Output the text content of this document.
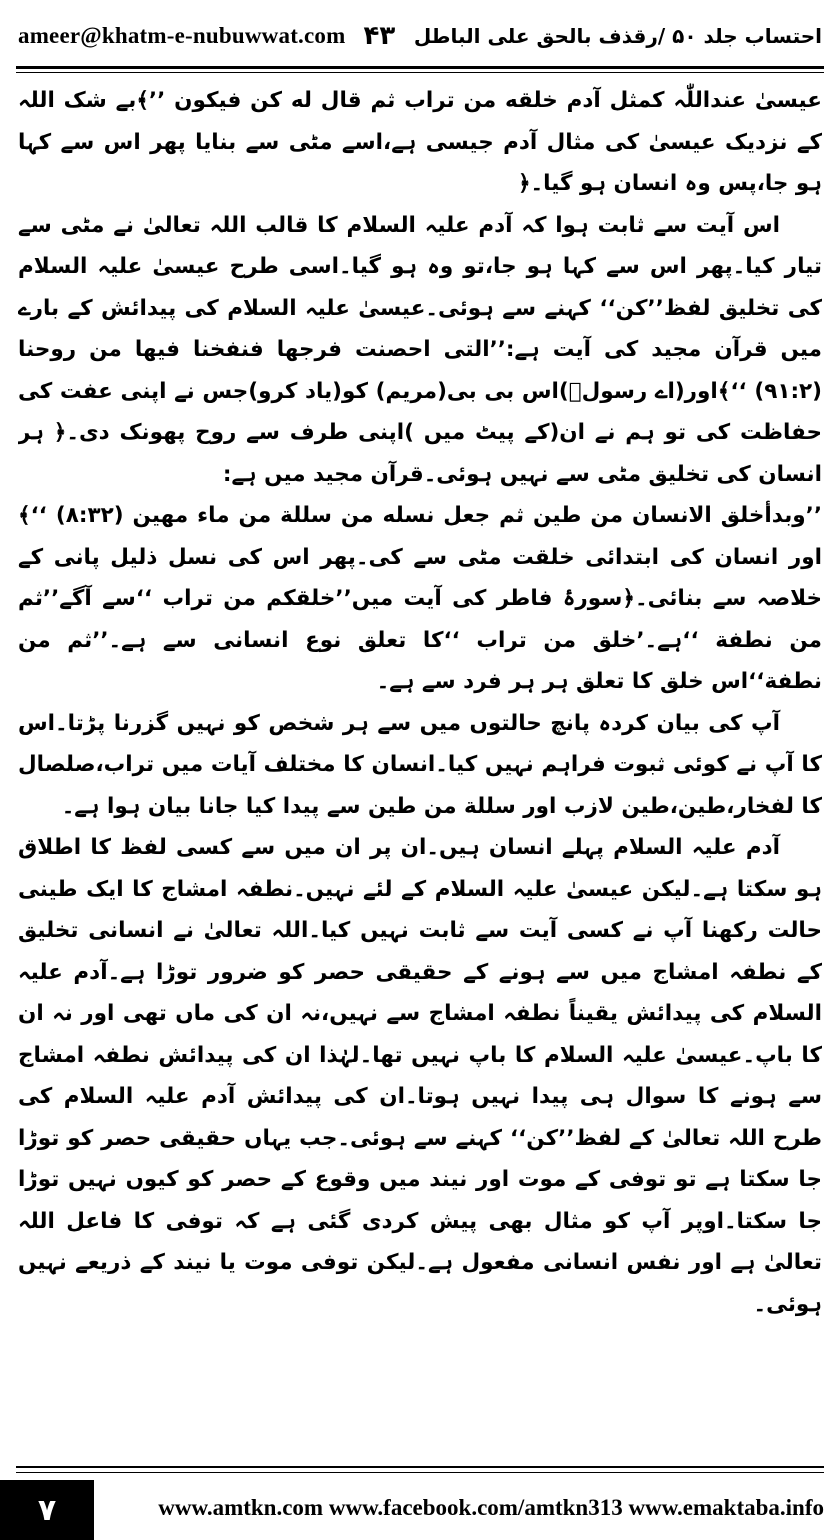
ameer@khatm-e-nubuwwat.com ۴۳ احتساب جلد ۵۰ /رقذف بالحق علی الباطل

عیسیٰ عنداللّٰہ کمثل آدم خلقه من تراب ثم قال له کن فیکون ’’﴾بے شک اللہ کے نزدیک عیسیٰ کی مثال آدم جیسی ہے،اسے مٹی سے بنایا پھر اس سے کہا ہو جا،پس وہ انسان ہو گیا۔﴿

اس آیت سے ثابت ہوا کہ آدم علیہ السلام کا قالب اللہ تعالیٰ نے مٹی سے تیار کیا۔پھر اس سے کہا ہو جا،تو وہ ہو گیا۔اسی طرح عیسیٰ علیہ السلام کی تخلیق لفظ’’کن‘‘ کہنے سے ہوئی۔عیسیٰ علیہ السلام کی پیدائش کے بارے میں قرآن مجید کی آیت ہے:’’التی احصنت فرجھا فنفخنا فیھا من روحنا (۹۱:۲) ‘‘﴾اور(اے رسولؐ)اس بی بی(مریم) کو(یاد کرو)جس نے اپنی عفت کی حفاظت کی تو ہم نے ان(کے پیٹ میں )اپنی طرف سے روح پھونک دی۔﴿ ہر انسان کی تخلیق مٹی سے نہیں ہوئی۔قرآن مجید میں ہے:

’’وبدأخلق الانسان من طین ثم جعل نسله من سللة من ماء مھین (۸:۳۲) ‘‘﴾اور انسان کی ابتدائی خلقت مٹی سے کی۔پھر اس کی نسل ذلیل پانی کے خلاصہ سے بنائی۔﴿سورۂ فاطر کی آیت میں’’خلقکم من تراب ‘‘سے آگے’’ثم من نطفة ‘‘ہے۔’خلق من تراب ‘‘کا تعلق نوع انسانی سے ہے۔’’ثم من نطفة‘‘اس خلق کا تعلق ہر ہر فرد سے ہے۔

آپ کی بیان کردہ پانچ حالتوں میں سے ہر شخص کو نہیں گزرنا پڑتا۔اس کا آپ نے کوئی ثبوت فراہم نہیں کیا۔انسان کا مختلف آیات میں تراب،صلصال کا لفخار،طین،طین لازب اور سللة من طین سے پیدا کیا جانا بیان ہوا ہے۔

آدم علیہ السلام پہلے انسان ہیں۔ان پر ان میں سے کسی لفظ کا اطلاق ہو سکتا ہے۔لیکن عیسیٰ علیہ السلام کے لئے نہیں۔نطفہ امشاج کا ایک طینی حالت رکھنا آپ نے کسی آیت سے ثابت نہیں کیا۔اللہ تعالیٰ نے انسانی تخلیق کے نطفہ امشاج میں سے ہونے کے حقیقی حصر کو ضرور توڑا ہے۔آدم علیہ السلام کی پیدائش یقیناً نطفہ امشاج سے نہیں،نہ ان کی ماں تھی اور نہ ان کا باپ۔عیسیٰ علیہ السلام کا باپ نہیں تھا۔لہٰذا ان کی پیدائش نطفہ امشاج سے ہونے کا سوال ہی پیدا نہیں ہوتا۔ان کی پیدائش آدم علیہ السلام کی طرح اللہ تعالیٰ کے لفظ’’کن‘‘ کہنے سے ہوئی۔جب یہاں حقیقی حصر کو توڑا جا سکتا ہے تو توفی کے موت اور نیند میں وقوع کے حصر کو کیوں نہیں توڑا جا سکتا۔اوپر آپ کو مثال بھی پیش کردی گئی ہے کہ توفی کا فاعل اللہ تعالیٰ ہے اور نفس انسانی مفعول ہے۔لیکن توفی موت یا نیند کے ذریعے نہیں ہوئی۔

۷	www.amtkn.com www.facebook.com/amtkn313 www.emaktaba.info
